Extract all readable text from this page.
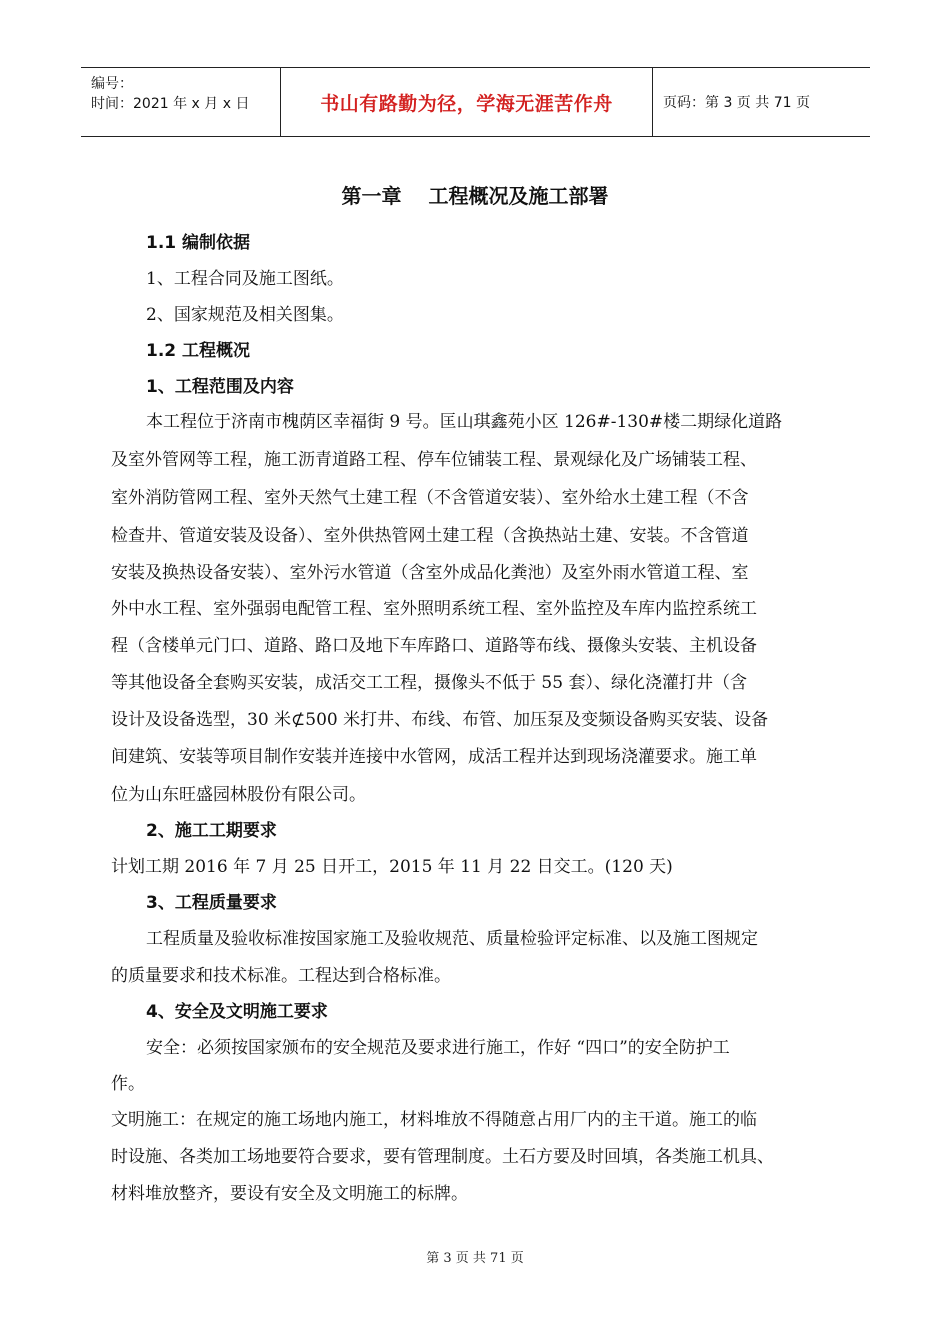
编号：
时间：2021 年 x 月 x 日	书山有路勤为径，学海无涯苦作舟	页码：第 3 页 共 71 页
第一章　 工程概况及施工部署
1.1 编制依据
1、工程合同及施工图纸。
2、国家规范及相关图集。
1.2 工程概况
1、工程范围及内容
本工程位于济南市槐荫区幸福街 9 号。匡山琪鑫苑小区 126#-130#楼二期绿化道路
及室外管网等工程，施工沥青道路工程、停车位铺装工程、景观绿化及广场铺装工程、
室外消防管网工程、室外天然气土建工程（不含管道安装）、室外给水土建工程（不含
检查井、管道安装及设备）、室外供热管网土建工程（含换热站土建、安装。不含管道
安装及换热设备安装）、室外污水管道（含室外成品化粪池）及室外雨水管道工程、室
外中水工程、室外强弱电配管工程、室外照明系统工程、室外监控及车库内监控系统工
程（含楼单元门口、道路、路口及地下车库路口、道路等布线、摄像头安装、主机设备
等其他设备全套购买安装，成活交工工程，摄像头不低于 55 套）、绿化浇灌打井（含
设计及设备选型，30 米⊄500 米打井、布线、布管、加压泵及变频设备购买安装、设备
间建筑、安装等项目制作安装并连接中水管网，成活工程并达到现场浇灌要求。施工单
位为山东旺盛园林股份有限公司。
2、施工工期要求
计划工期 2016 年 7 月 25 日开工，2015 年 11 月 22 日交工。(120 天)
3、工程质量要求
工程质量及验收标准按国家施工及验收规范、质量检验评定标准、以及施工图规定
的质量要求和技术标准。工程达到合格标准。
4、安全及文明施工要求
安全：必须按国家颁布的安全规范及要求进行施工，作好 “四口”的安全防护工
作。
文明施工：在规定的施工场地内施工，材料堆放不得随意占用厂内的主干道。施工的临
时设施、各类加工场地要符合要求，要有管理制度。土石方要及时回填，各类施工机具、
材料堆放整齐，要设有安全及文明施工的标牌。
第 3 页 共 71 页
